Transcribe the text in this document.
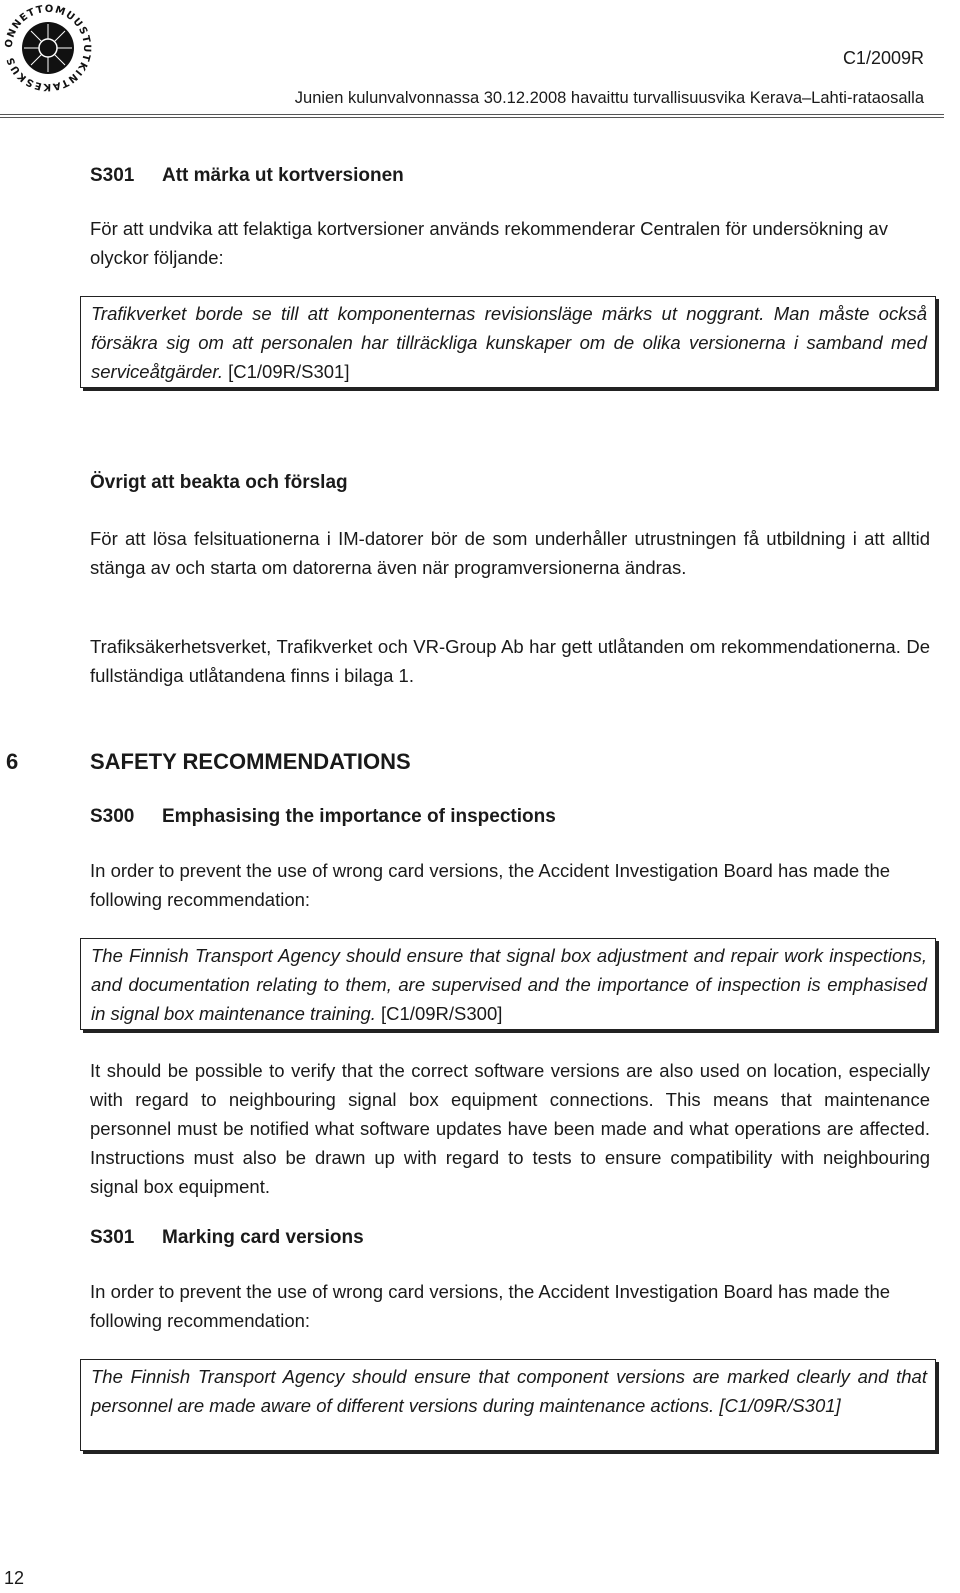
ONNETTOMUUSTUTKINTAKESKUS	C1/2009R
Junien kulunvalvonnassa 30.12.2008 havaittu turvallisuusvika Kerava–Lahti-rataosalla
S301 Att märka ut kortversionen
För att undvika att felaktiga kortversioner används rekommenderar Centralen för undersökning av olyckor följande:
Trafikverket borde se till att komponenternas revisionsläge märks ut noggrant. Man måste också försäkra sig om att personalen har tillräckliga kunskaper om de olika versionerna i samband med serviceåtgärder. [C1/09R/S301]
Övrigt att beakta och förslag
För att lösa felsituationerna i IM-datorer bör de som underhåller utrustningen få utbildning i att alltid stänga av och starta om datorerna även när programversionerna ändras.
Trafiksäkerhetsverket, Trafikverket och VR-Group Ab har gett utlåtanden om rekommendationerna. De fullständiga utlåtandena finns i bilaga 1.
6	SAFETY RECOMMENDATIONS
S300 Emphasising the importance of inspections
In order to prevent the use of wrong card versions, the Accident Investigation Board has made the following recommendation:
The Finnish Transport Agency should ensure that signal box adjustment and repair work inspections, and documentation relating to them, are supervised and the importance of inspection is emphasised in signal box maintenance training. [C1/09R/S300]
It should be possible to verify that the correct software versions are also used on location, especially with regard to neighbouring signal box equipment connections. This means that maintenance personnel must be notified what software updates have been made and what operations are affected. Instructions must also be drawn up with regard to tests to ensure compatibility with neighbouring signal box equipment.
S301 Marking card versions
In order to prevent the use of wrong card versions, the Accident Investigation Board has made the following recommendation:
The Finnish Transport Agency should ensure that component versions are marked clearly and that personnel are made aware of different versions during maintenance actions. [C1/09R/S301]
12
